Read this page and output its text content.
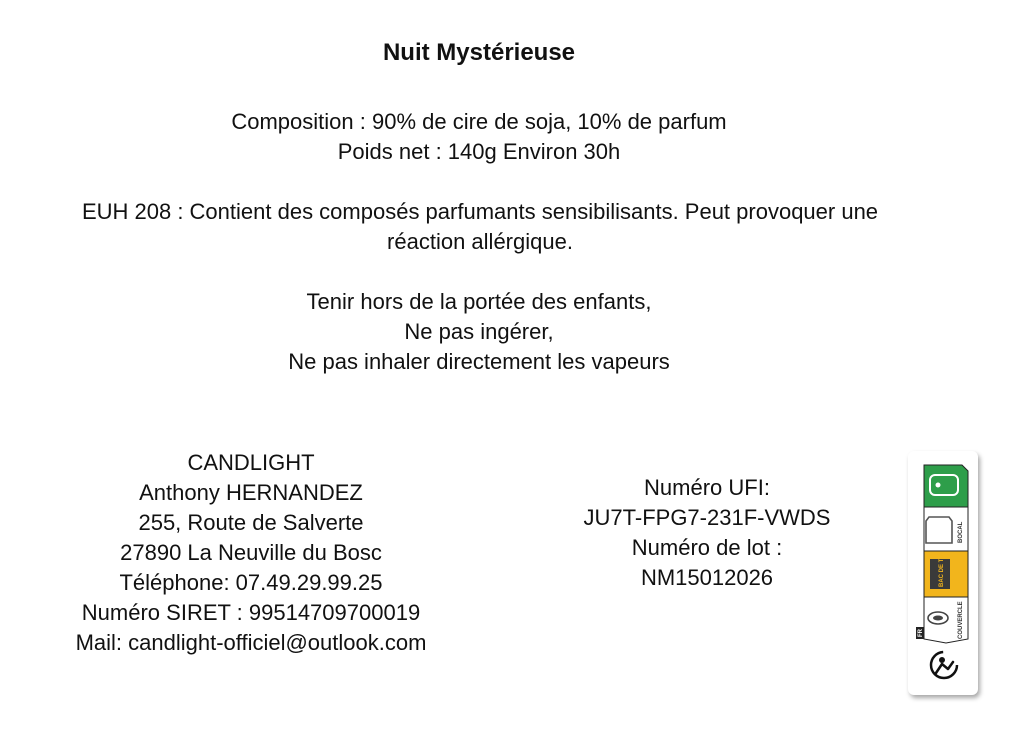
Nuit Mystérieuse
Composition : 90% de cire de soja, 10% de parfum
Poids net : 140g Environ 30h
EUH 208 : Contient des composés parfumants sensibilisants. Peut provoquer une
réaction allérgique.
Tenir hors de la portée des enfants,
Ne pas ingérer,
Ne pas inhaler directement les vapeurs
CANDLIGHT
Anthony HERNANDEZ
255, Route de Salverte
27890 La Neuville du Bosc
Téléphone: 07.49.29.99.25
Numéro SIRET : 99514709700019
Mail: candlight-officiel@outlook.com
Numéro UFI:
JU7T-FPG7-231F-VWDS
Numéro de lot :
NM15012026
BOCAL
BAC DE TRI
COUVERCLE
FR
